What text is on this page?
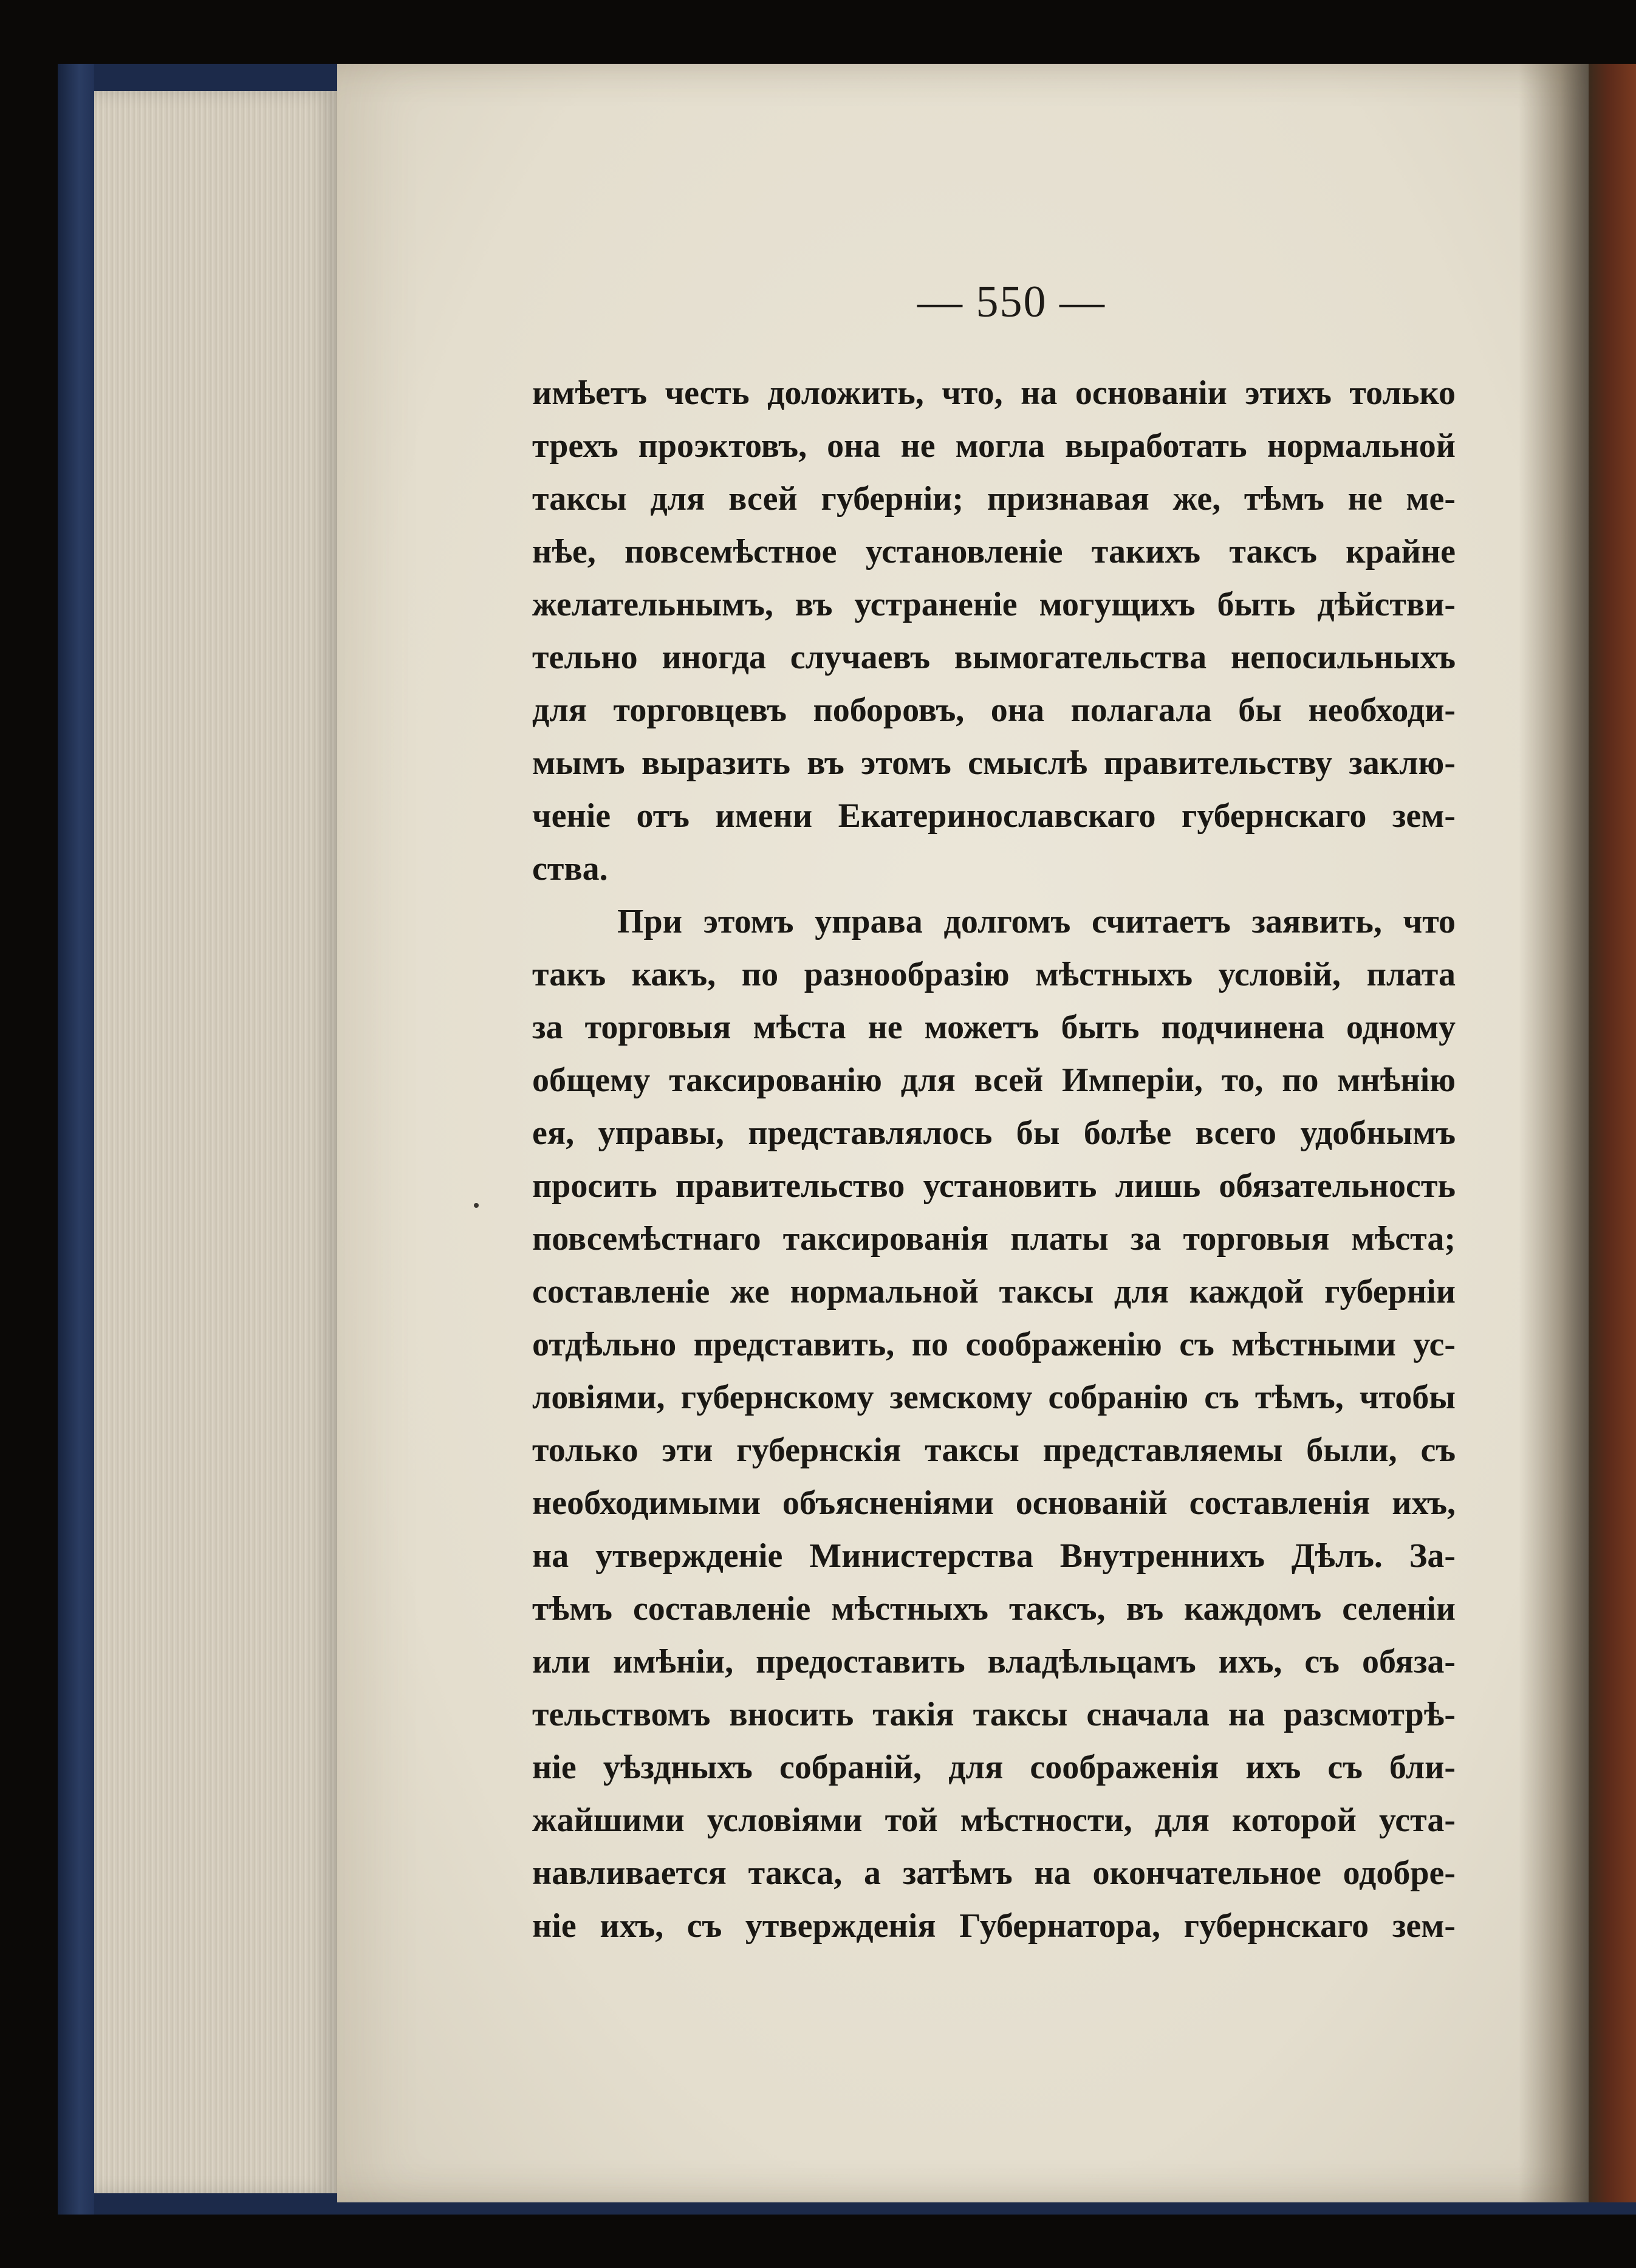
— 550 —
имѣетъ честь доложить, что, на основаніи этихъ только
трехъ проэктовъ, она не могла выработать нормальной
таксы для всей губерніи; признавая же, тѣмъ не ме-
нѣе, повсемѣстное установленіе такихъ таксъ крайне
желательнымъ, въ устраненіе могущихъ быть дѣйстви-
тельно иногда случаевъ вымогательства непосильныхъ
для торговцевъ поборовъ, она полагала бы необходи-
мымъ выразить въ этомъ смыслѣ правительству заклю-
ченіе отъ имени Екатеринославскаго губернскаго зем-
ства.
При этомъ управа долгомъ считаетъ заявить, что
такъ какъ, по разнообразію мѣстныхъ условій, плата
за торговыя мѣста не можетъ быть подчинена одному
общему таксированію для всей Имперіи, то, по мнѣнію
ея, управы, представлялось бы болѣе всего удобнымъ
просить правительство установить лишь обязательность
повсемѣстнаго таксированія платы за торговыя мѣста;
составленіе же нормальной таксы для каждой губерніи
отдѣльно представить, по соображенію съ мѣстными ус-
ловіями, губернскому земскому собранію съ тѣмъ, чтобы
только эти губернскія таксы представляемы были, съ
необходимыми объясненіями основаній составленія ихъ,
на утвержденіе Министерства Внутреннихъ Дѣлъ. За-
тѣмъ составленіе мѣстныхъ таксъ, въ каждомъ селеніи
или имѣніи, предоставить владѣльцамъ ихъ, съ обяза-
тельствомъ вносить такія таксы сначала на разсмотрѣ-
ніе уѣздныхъ собраній, для соображенія ихъ съ бли-
жайшими условіями той мѣстности, для которой уста-
навливается такса, а затѣмъ на окончательное одобре-
ніе ихъ, съ утвержденія Губернатора, губернскаго зем-
